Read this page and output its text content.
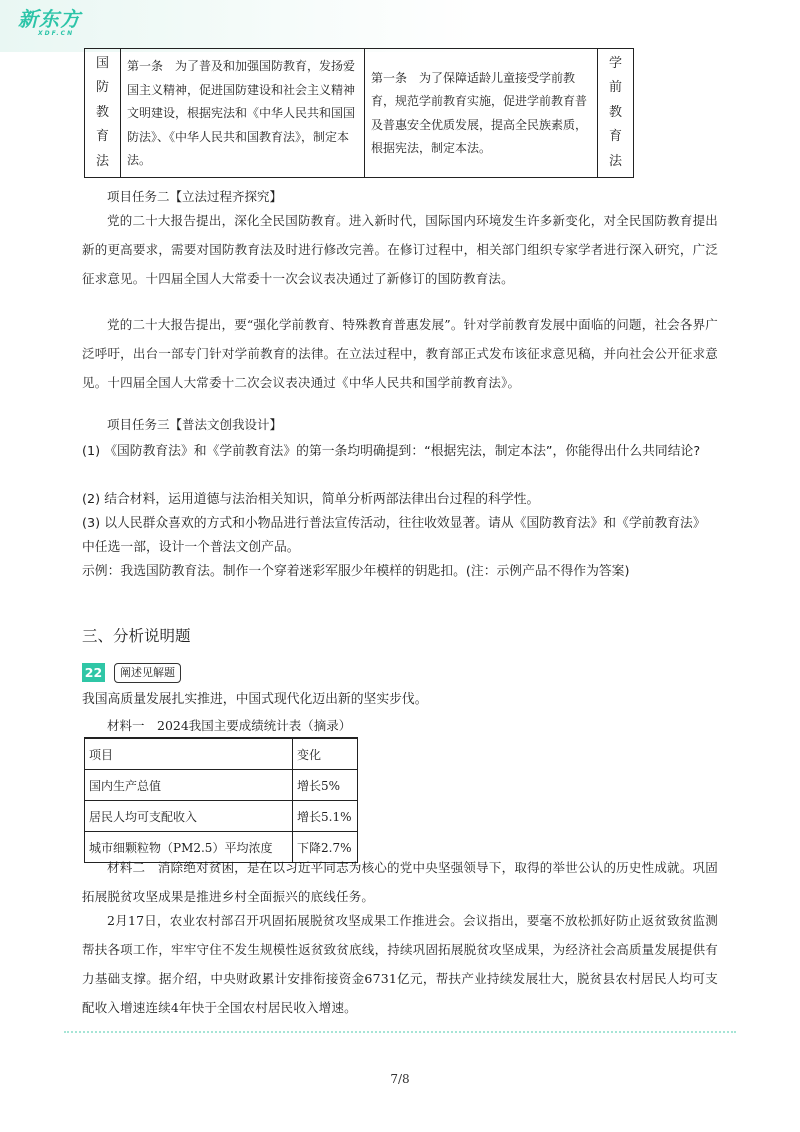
新东方
XDF.CN
国
防
教
育
法	第一条　为了普及和加强国防教育，发扬爱国主义精神，促进国防建设和社会主义精神文明建设，根据宪法和《中华人民共和国国防法》、《中华人民共和国教育法》，制定本法。	第一条　为了保障适龄儿童接受学前教育，规范学前教育实施，促进学前教育普及普惠安全优质发展，提高全民族素质，根据宪法，制定本法。	学
前
教
育
法
项目任务二【立法过程齐探究】
党的二十大报告提出，深化全民国防教育。进入新时代，国际国内环境发生许多新变化，对全民国防教育提出新的更高要求，需要对国防教育法及时进行修改完善。在修订过程中，相关部门组织专家学者进行深入研究，广泛征求意见。十四届全国人大常委十一次会议表决通过了新修订的国防教育法。
党的二十大报告提出，要“强化学前教育、特殊教育普惠发展”。针对学前教育发展中面临的问题，社会各界广泛呼吁，出台一部专门针对学前教育的法律。在立法过程中，教育部正式发布该征求意见稿，并向社会公开征求意见。十四届全国人大常委十二次会议表决通过《中华人民共和国学前教育法》。
项目任务三【普法文创我设计】
(1) 《国防教育法》和《学前教育法》的第一条均明确提到：“根据宪法，制定本法”，你能得出什么共同结论?
(2) 结合材料，运用道德与法治相关知识，简单分析两部法律出台过程的科学性。
(3) 以人民群众喜欢的方式和小物品进行普法宣传活动，往往收效显著。请从《国防教育法》和《学前教育法》中任选一部，设计一个普法文创产品。
示例：我选国防教育法。制作一个穿着迷彩军服少年模样的钥匙扣。(注：示例产品不得作为答案)
三、分析说明题
22	阐述见解题
我国高质量发展扎实推进，中国式现代化迈出新的坚实步伐。
材料一　2024我国主要成绩统计表（摘录）
项目	变化
国内生产总值	增长5%
居民人均可支配收入	增长5.1%
城市细颗粒物（PM2.5）平均浓度	下降2.7%
材料二　消除绝对贫困，是在以习近平同志为核心的党中央坚强领导下，取得的举世公认的历史性成就。巩固拓展脱贫攻坚成果是推进乡村全面振兴的底线任务。
2月17日，农业农村部召开巩固拓展脱贫攻坚成果工作推进会。会议指出，要毫不放松抓好防止返贫致贫监测帮扶各项工作，牢牢守住不发生规模性返贫致贫底线，持续巩固拓展脱贫攻坚成果，为经济社会高质量发展提供有力基础支撑。据介绍，中央财政累计安排衔接资金6731亿元，帮扶产业持续发展壮大，脱贫县农村居民人均可支配收入增速连续4年快于全国农村居民收入增速。
7/8
